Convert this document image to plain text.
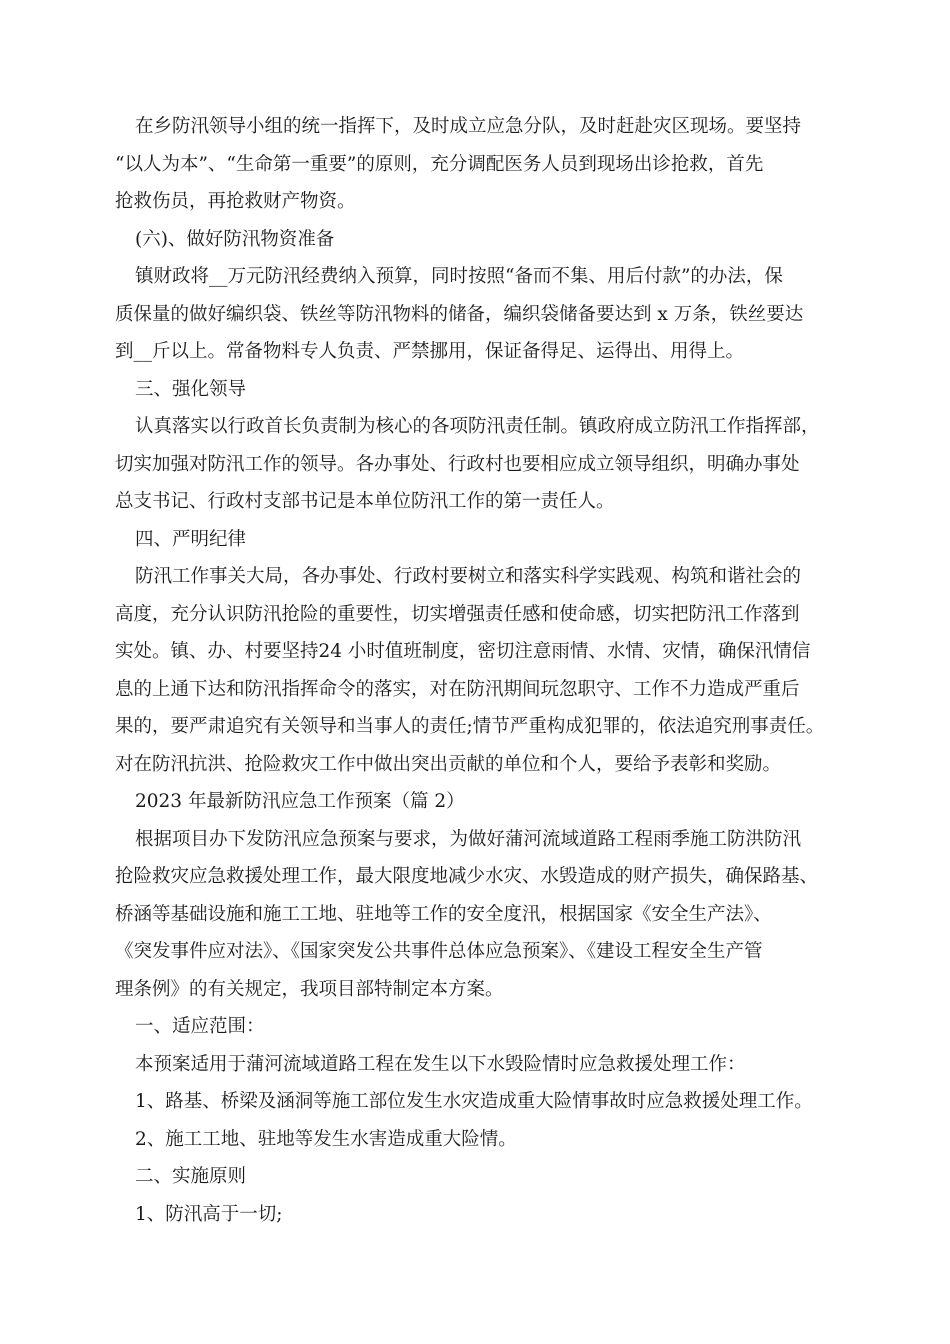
在乡防汛领导小组的统一指挥下，及时成立应急分队，及时赶赴灾区现场。要坚持
“以人为本”、“生命第一重要”的原则，充分调配医务人员到现场出诊抢救，首先
抢救伤员，再抢救财产物资。

(六)、做好防汛物资准备

镇财政将__万元防汛经费纳入预算，同时按照“备而不集、用后付款”的办法，保
质保量的做好编织袋、铁丝等防汛物料的储备，编织袋储备要达到 x 万条，铁丝要达
到__斤以上。常备物料专人负责、严禁挪用，保证备得足、运得出、用得上。

三、强化领导

认真落实以行政首长负责制为核心的各项防汛责任制。镇政府成立防汛工作指挥部，
切实加强对防汛工作的领导。各办事处、行政村也要相应成立领导组织，明确办事处
总支书记、行政村支部书记是本单位防汛工作的第一责任人。

四、严明纪律

防汛工作事关大局，各办事处、行政村要树立和落实科学实践观、构筑和谐社会的
高度，充分认识防汛抢险的重要性，切实增强责任感和使命感，切实把防汛工作落到
实处。镇、办、村要坚持24 小时值班制度，密切注意雨情、水情、灾情，确保汛情信
息的上通下达和防汛指挥命令的落实，对在防汛期间玩忽职守、工作不力造成严重后
果的，要严肃追究有关领导和当事人的责任;情节严重构成犯罪的，依法追究刑事责任。
对在防汛抗洪、抢险救灾工作中做出突出贡献的单位和个人，要给予表彰和奖励。

2023 年最新防汛应急工作预案（篇 2）

根据项目办下发防汛应急预案与要求，为做好蒲河流域道路工程雨季施工防洪防汛
抢险救灾应急救援处理工作，最大限度地减少水灾、水毁造成的财产损失，确保路基、
桥涵等基础设施和施工工地、驻地等工作的安全度汛，根据国家《安全生产法》、
《突发事件应对法》、《国家突发公共事件总体应急预案》、《建设工程安全生产管
理条例》的有关规定，我项目部特制定本方案。

一、适应范围：

本预案适用于蒲河流域道路工程在发生以下水毁险情时应急救援处理工作：

1、路基、桥梁及涵洞等施工部位发生水灾造成重大险情事故时应急救援处理工作。

2、施工工地、驻地等发生水害造成重大险情。

二、实施原则

1、防汛高于一切;
